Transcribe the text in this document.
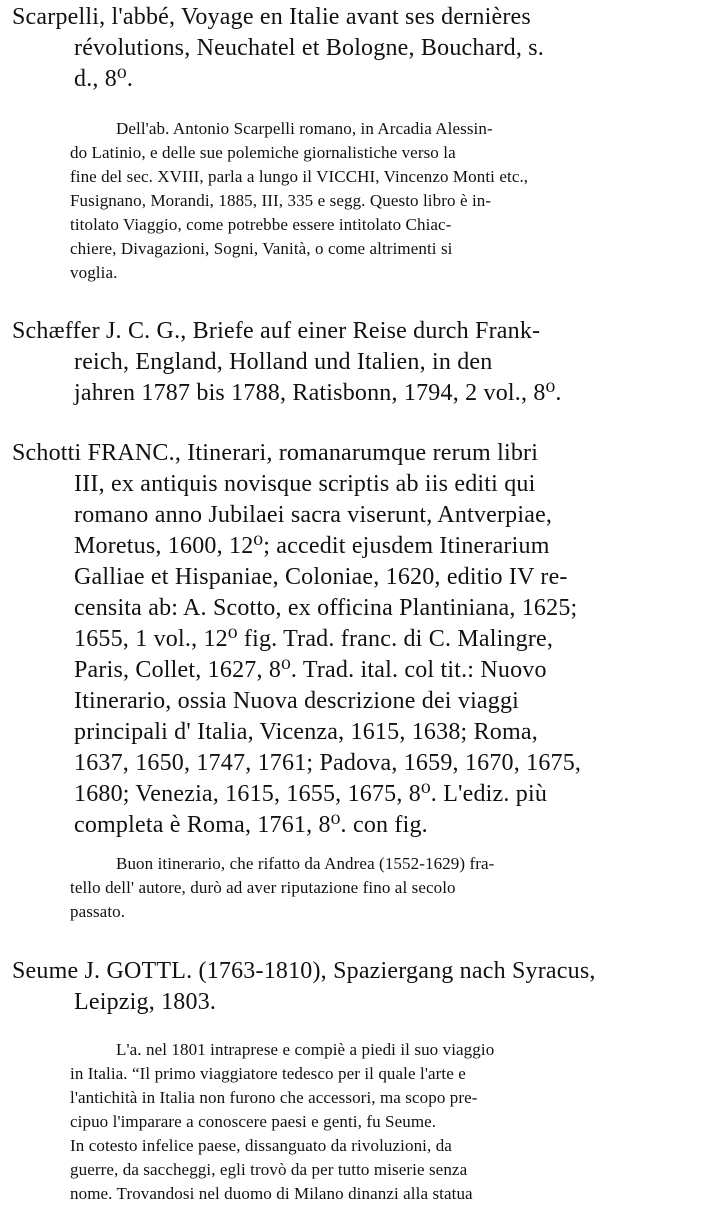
Scarpelli, l'abbé, Voyage en Italie avant ses dernières
révolutions, Neuchatel et Bologne, Bouchard, s.
d., 8⁰.
Dell'ab. Antonio Scarpelli romano, in Arcadia Alessin-
do Latinio, e delle sue polemiche giornalistiche verso la
fine del sec. XVIII, parla a lungo il VICCHI, Vincenzo Monti etc.,
Fusignano, Morandi, 1885, III, 335 e segg. Questo libro è in-
titolato Viaggio, come potrebbe essere intitolato Chiac-
chiere, Divagazioni, Sogni, Vanità, o come altrimenti si
voglia.
Schæffer J. C. G., Briefe auf einer Reise durch Frank-
reich, England, Holland und Italien, in den
jahren 1787 bis 1788, Ratisbonn, 1794, 2 vol., 8⁰.
Schotti FRANC., Itinerari, romanarumque rerum libri
III, ex antiquis novisque scriptis ab iis editi qui
romano anno Jubilaei sacra viserunt, Antverpiae,
Moretus, 1600, 12⁰; accedit ejusdem Itinerarium
Galliae et Hispaniae, Coloniae, 1620, editio IV re-
censita ab: A. Scotto, ex officina Plantiniana, 1625;
1655, 1 vol., 12⁰ fig. Trad. franc. di C. Malingre,
Paris, Collet, 1627, 8⁰. Trad. ital. col tit.: Nuovo
Itinerario, ossia Nuova descrizione dei viaggi
principali d' Italia, Vicenza, 1615, 1638; Roma,
1637, 1650, 1747, 1761; Padova, 1659, 1670, 1675,
1680; Venezia, 1615, 1655, 1675, 8⁰. L'ediz. più
completa è Roma, 1761, 8⁰. con fig.
Buon itinerario, che rifatto da Andrea (1552-1629) fra-
tello dell' autore, durò ad aver riputazione fino al secolo
passato.
Seume J. GOTTL. (1763-1810), Spaziergang nach Syracus,
Leipzig, 1803.
L'a. nel 1801 intraprese e compiè a piedi il suo viaggio
in Italia. “Il primo viaggiatore tedesco per il quale l'arte e
l'antichità in Italia non furono che accessori, ma scopo pre-
cipuo l'imparare a conoscere paesi e genti, fu Seume.
In cotesto infelice paese, dissanguato da rivoluzioni, da
guerre, da saccheggi, egli trovò da per tutto miserie senza
nome. Trovandosi nel duomo di Milano dinanzi alla statua
